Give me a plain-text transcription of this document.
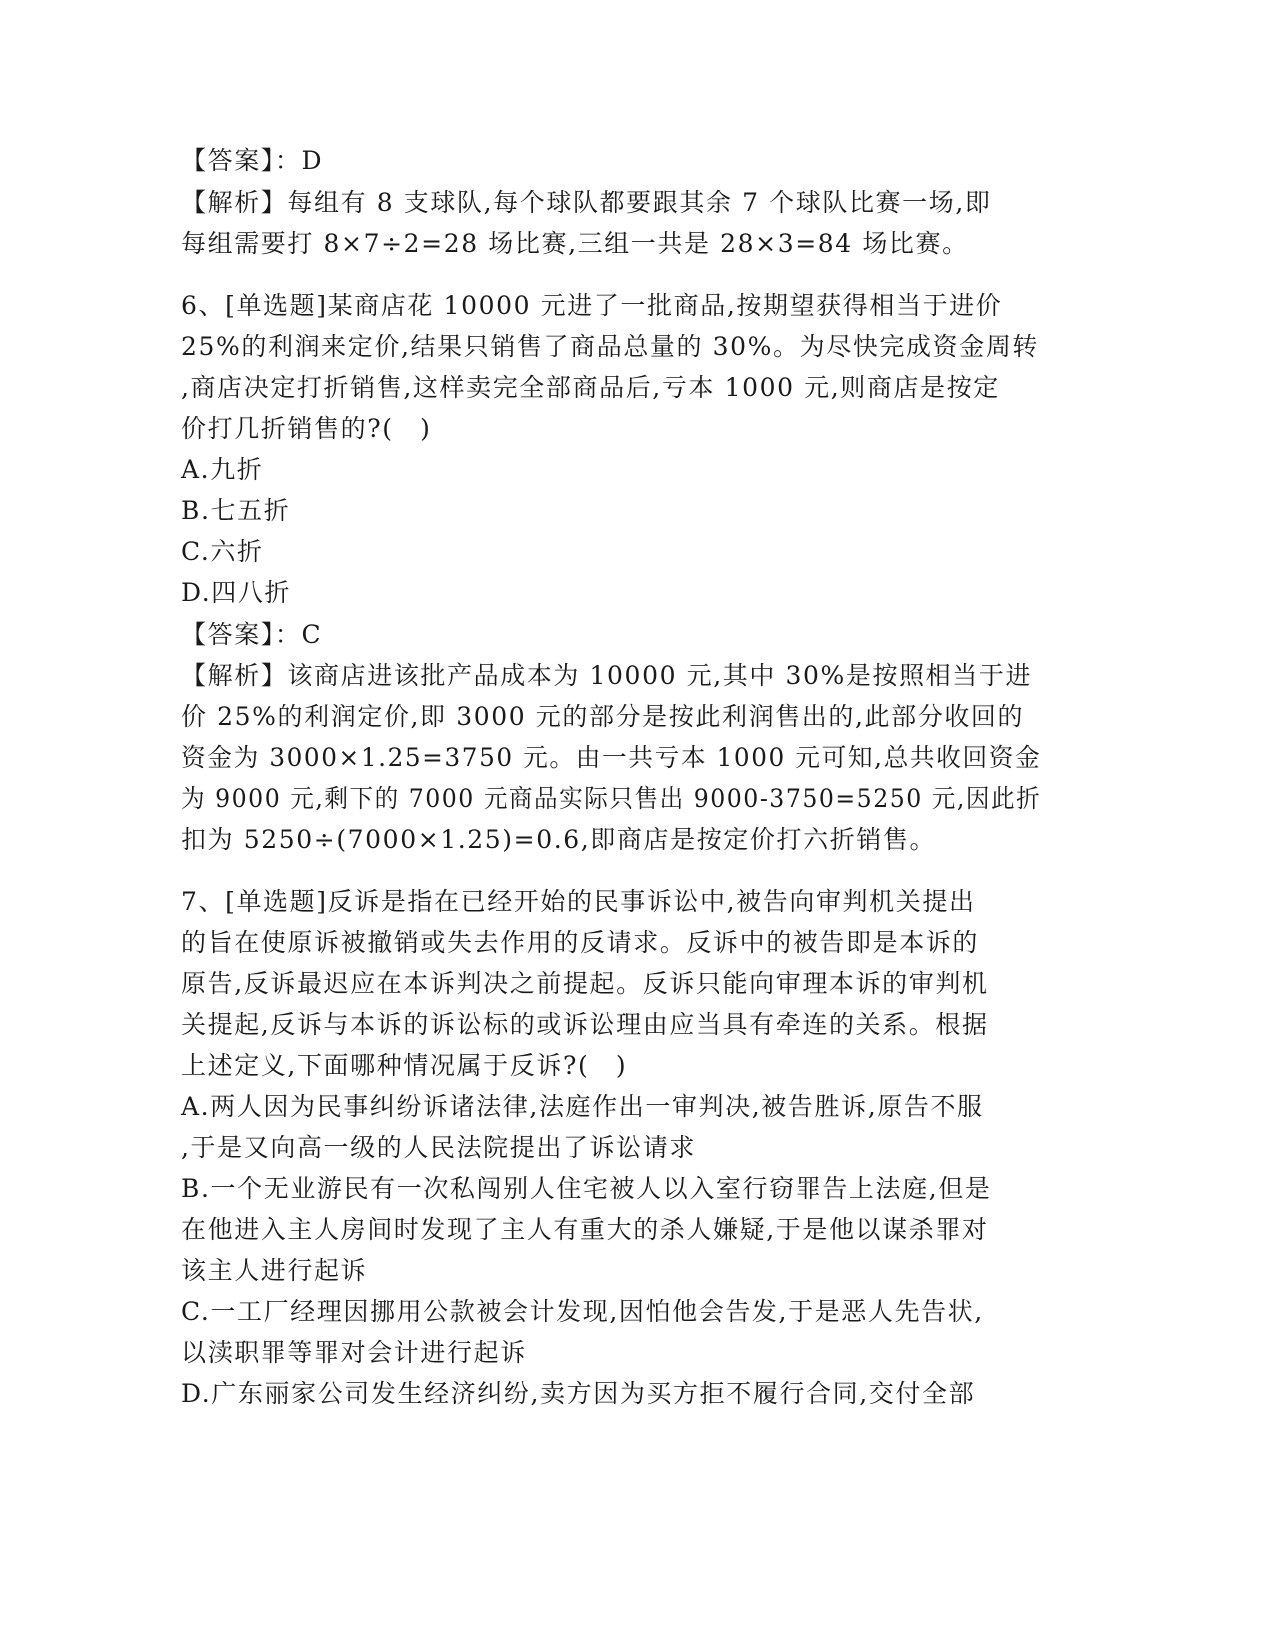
【答案】：D
【解析】每组有 8 支球队,每个球队都要跟其余 7 个球队比赛一场,即
每组需要打 8×7÷2=28 场比赛,三组一共是 28×3=84 场比赛。
6、[单选题]某商店花 10000 元进了一批商品,按期望获得相当于进价
25%的利润来定价,结果只销售了商品总量的 30%。为尽快完成资金周转
,商店决定打折销售,这样卖完全部商品后,亏本 1000 元,则商店是按定
价打几折销售的?(　)
A.九折
B.七五折
C.六折
D.四八折
【答案】：C
【解析】该商店进该批产品成本为 10000 元,其中 30%是按照相当于进
价 25%的利润定价,即 3000 元的部分是按此利润售出的,此部分收回的
资金为 3000×1.25=3750 元。由一共亏本 1000 元可知,总共收回资金
为 9000 元,剩下的 7000 元商品实际只售出 9000-3750=5250 元,因此折
扣为 5250÷(7000×1.25)=0.6,即商店是按定价打六折销售。
7、[单选题]反诉是指在已经开始的民事诉讼中,被告向审判机关提出
的旨在使原诉被撤销或失去作用的反请求。反诉中的被告即是本诉的
原告,反诉最迟应在本诉判决之前提起。反诉只能向审理本诉的审判机
关提起,反诉与本诉的诉讼标的或诉讼理由应当具有牵连的关系。根据
上述定义,下面哪种情况属于反诉?(　)
A.两人因为民事纠纷诉诸法律,法庭作出一审判决,被告胜诉,原告不服
,于是又向高一级的人民法院提出了诉讼请求
B.一个无业游民有一次私闯别人住宅被人以入室行窃罪告上法庭,但是
在他进入主人房间时发现了主人有重大的杀人嫌疑,于是他以谋杀罪对
该主人进行起诉
C.一工厂经理因挪用公款被会计发现,因怕他会告发,于是恶人先告状,
以渎职罪等罪对会计进行起诉
D.广东丽家公司发生经济纠纷,卖方因为买方拒不履行合同,交付全部
